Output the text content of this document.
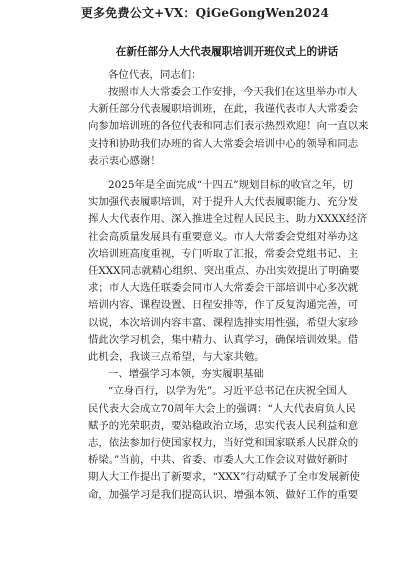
更多免费公文+VX：QiGeGongWen2024
在新任部分人大代表履职培训开班仪式上的讲话
各位代表，同志们：
按照市人大常委会工作安排，今天我们在这里举办市人
大新任部分代表履职培训班，在此，我谨代表市人大常委会
向参加培训班的各位代表和同志们表示热烈欢迎！向一直以来
支持和协助我们办班的省人大常委会培训中心的领导和同志
表示衷心感谢！
2025年是全面完成“十四五”规划目标的收官之年，切
实加强代表履职培训，对于提升人大代表履职能力、充分发
挥人大代表作用、深入推进全过程人民民主、助力XXXX经济
社会高质量发展具有重要意义。市人大常委会党组对举办这
次培训班高度重视，专门听取了汇报，常委会党组书记、主
任XXX同志就精心组织、突出重点、办出实效提出了明确要
求；市人大选任联委会同市人大常委会干部培训中心多次就
培训内容、课程设置、日程安排等，作了反复沟通完善，可
以说，本次培训内容丰富、课程选排实用性强，希望大家珍
惜此次学习机会，集中精力、认真学习，确保培训效果。借
此机会，我谈三点希望，与大家共勉。
一、增强学习本领，夯实履职基础
“立身百行，以学为先”。习近平总书记在庆祝全国人
民代表大会成立70周年大会上的强调：“人大代表肩负人民
赋予的光荣职责，要站稳政治立场，忠实代表人民利益和意
志，依法参加行使国家权力，当好党和国家联系人民群众的
桥梁。”当前，中共、省委、市委人大工作会议对做好新时
期人大工作提出了新要求，“XXX”行动赋予了全市发展新使
命，加强学习是我们提高认识、增强本领、做好工作的重要
